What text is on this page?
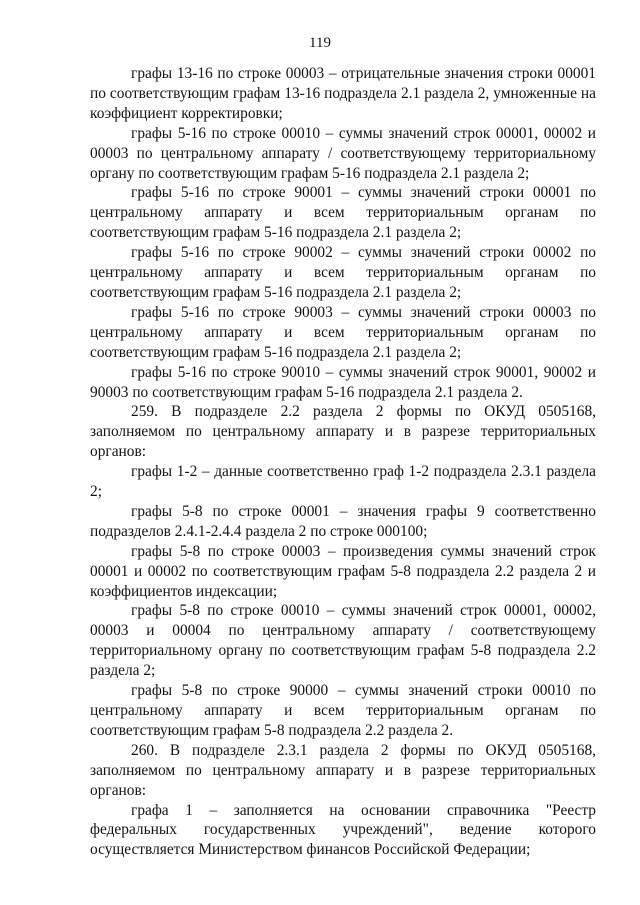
119

графы 13-16 по строке 00003 – отрицательные значения строки 00001 по соответствующим графам 13-16 подраздела 2.1 раздела 2, умноженные на коэффициент корректировки;

графы 5-16 по строке 00010 – суммы значений строк 00001, 00002 и 00003 по центральному аппарату / соответствующему территориальному органу по соответствующим графам 5-16 подраздела 2.1 раздела 2;

графы 5-16 по строке 90001 – суммы значений строки 00001 по центральному аппарату и всем территориальным органам по соответствующим графам 5-16 подраздела 2.1 раздела 2;

графы 5-16 по строке 90002 – суммы значений строки 00002 по центральному аппарату и всем территориальным органам по соответствующим графам 5-16 подраздела 2.1 раздела 2;

графы 5-16 по строке 90003 – суммы значений строки 00003 по центральному аппарату и всем территориальным органам по соответствующим графам 5-16 подраздела 2.1 раздела 2;

графы 5-16 по строке 90010 – суммы значений строк 90001, 90002 и 90003 по соответствующим графам 5-16 подраздела 2.1 раздела 2.

259. В подразделе 2.2 раздела 2 формы по ОКУД 0505168, заполняемом по центральному аппарату и в разрезе территориальных органов:

графы 1-2 – данные соответственно граф 1-2 подраздела 2.3.1 раздела 2;

графы 5-8 по строке 00001 – значения графы 9 соответственно подразделов 2.4.1-2.4.4 раздела 2 по строке 000100;

графы 5-8 по строке 00003 – произведения суммы значений строк 00001 и 00002 по соответствующим графам 5-8 подраздела 2.2 раздела 2 и коэффициентов индексации;

графы 5-8 по строке 00010 – суммы значений строк 00001, 00002, 00003 и 00004 по центральному аппарату / соответствующему территориальному органу по соответствующим графам 5-8 подраздела 2.2 раздела 2;

графы 5-8 по строке 90000 – суммы значений строки 00010 по центральному аппарату и всем территориальным органам по соответствующим графам 5-8 подраздела 2.2 раздела 2.

260. В подразделе 2.3.1 раздела 2 формы по ОКУД 0505168, заполняемом по центральному аппарату и в разрезе территориальных органов:

графа 1 – заполняется на основании справочника "Реестр федеральных государственных учреждений", ведение которого осуществляется Министерством финансов Российской Федерации;
